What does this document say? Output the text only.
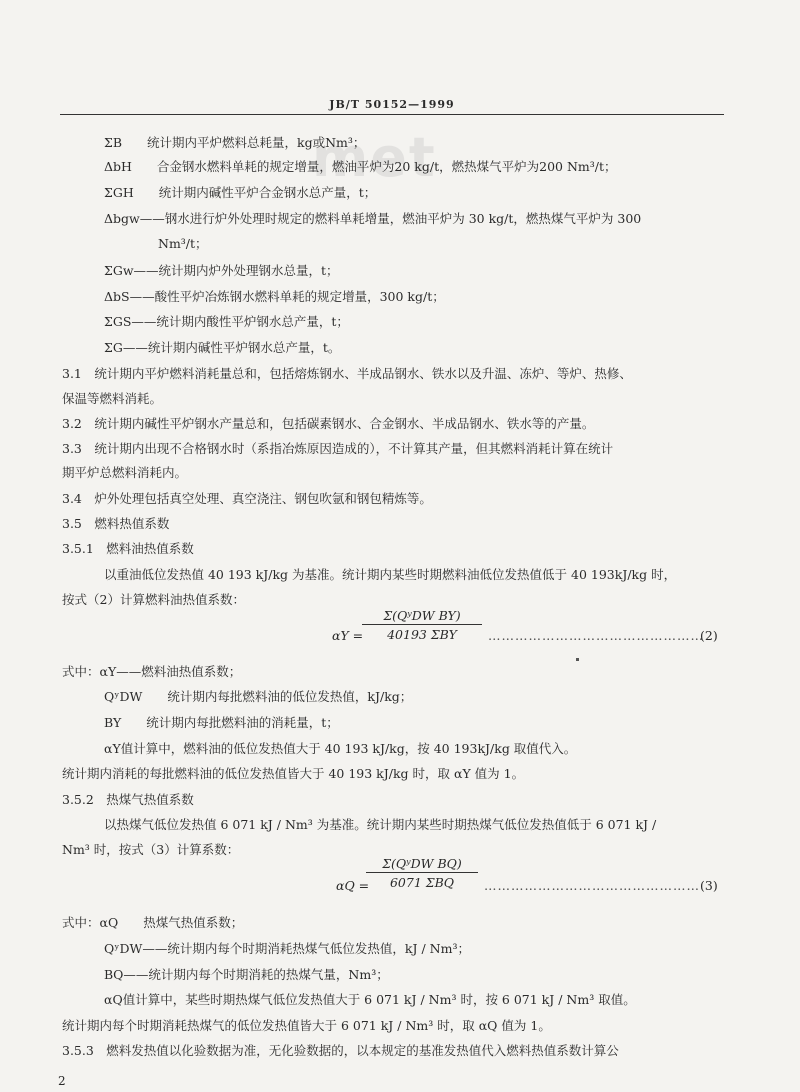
JB/T 50152—1999
met
ΣB　　统计期内平炉燃料总耗量，kg或Nm³；
ΔbH　　合金钢水燃料单耗的规定增量，燃油平炉为20 kg/t，燃热煤气平炉为200 Nm³/t；
ΣGH　　统计期内碱性平炉合金钢水总产量，t；
Δbgw——钢水进行炉外处理时规定的燃料单耗增量，燃油平炉为 30 kg/t，燃热煤气平炉为 300
Nm³/t；
ΣGw——统计期内炉外处理钢水总量，t；
ΔbS——酸性平炉冶炼钢水燃料单耗的规定增量，300 kg/t；
ΣGS——统计期内酸性平炉钢水总产量，t；
ΣG——统计期内碱性平炉钢水总产量，t。
3.1　统计期内平炉燃料消耗量总和，包括熔炼钢水、半成品钢水、铁水以及升温、冻炉、等炉、热修、
保温等燃料消耗。
3.2　统计期内碱性平炉钢水产量总和，包括碳素钢水、合金钢水、半成品钢水、铁水等的产量。
3.3　统计期内出现不合格钢水时（系指冶炼原因造成的），不计算其产量，但其燃料消耗计算在统计
期平炉总燃料消耗内。
3.4　炉外处理包括真空处理、真空浇注、钢包吹氩和钢包精炼等。
3.5　燃料热值系数
3.5.1　燃料油热值系数
以重油低位发热值 40 193 kJ/kg 为基准。统计期内某些时期燃料油低位发热值低于 40 193kJ/kg 时，
按式（2）计算燃料油热值系数：
式中：αY——燃料油热值系数；
QʸDW　　统计期内每批燃料油的低位发热值，kJ/kg；
BY　　统计期内每批燃料油的消耗量，t；
αY值计算中，燃料油的低位发热值大于 40 193 kJ/kg，按 40 193kJ/kg 取值代入。
统计期内消耗的每批燃料油的低位发热值皆大于 40 193 kJ/kg 时，取 αY 值为 1。
3.5.2　热煤气热值系数
以热煤气低位发热值 6 071 kJ / Nm³ 为基准。统计期内某些时期热煤气低位发热值低于 6 071 kJ /
Nm³ 时，按式（3）计算系数：
式中：αQ　　热煤气热值系数；
QʸDW——统计期内每个时期消耗热煤气低位发热值，kJ / Nm³；
BQ——统计期内每个时期消耗的热煤气量，Nm³；
αQ值计算中，某些时期热煤气低位发热值大于 6 071 kJ / Nm³ 时，按 6 071 kJ / Nm³ 取值。
统计期内每个时期消耗热煤气的低位发热值皆大于 6 071 kJ / Nm³ 时，取 αQ 值为 1。
3.5.3　燃料发热值以化验数据为准，无化验数据的，以本规定的基准发热值代入燃料热值系数计算公
αY =
Σ(QʸDW BY)
40193 ΣBY	…………………………………………
(2)
αQ =
Σ(QʸDW BQ)
6071 ΣBQ	………………………………………… (3)
2
